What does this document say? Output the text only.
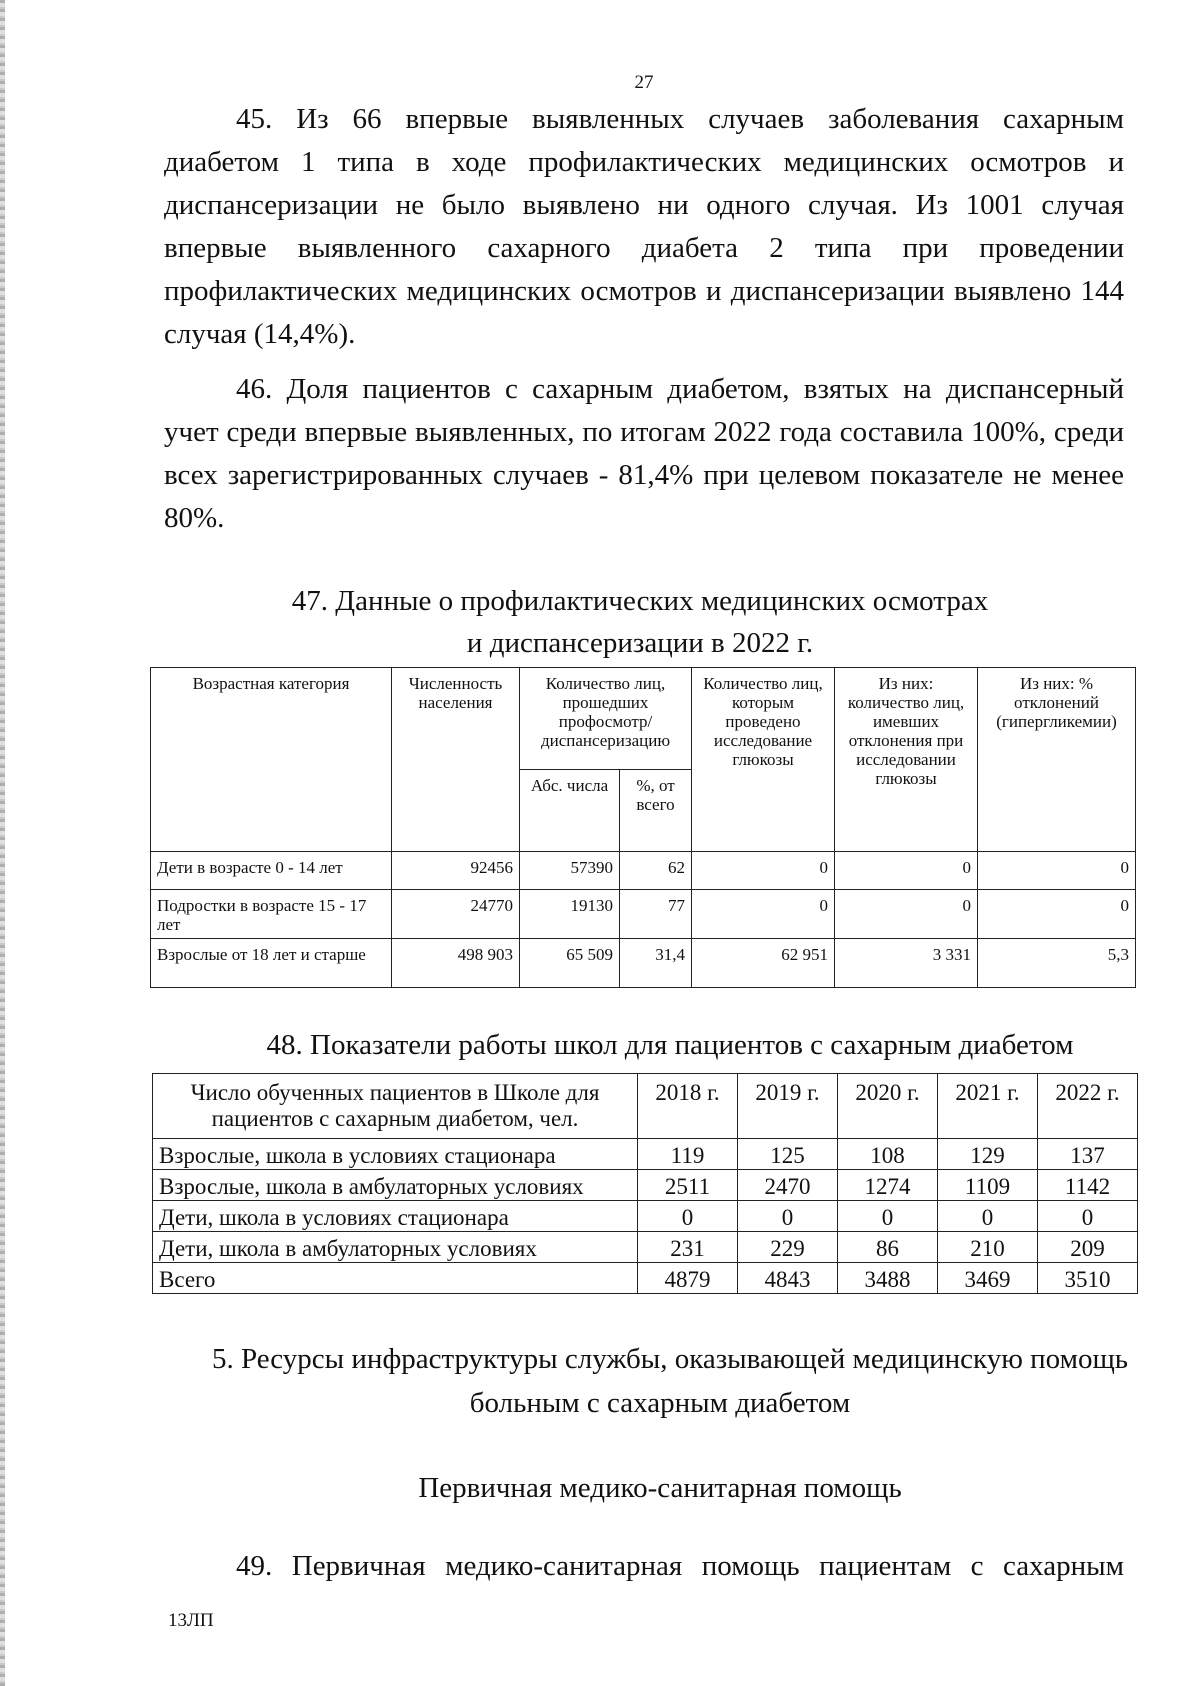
27

45. Из 66 впервые выявленных случаев заболевания сахарным диабетом 1 типа в ходе профилактических медицинских осмотров и диспансеризации не было выявлено ни одного случая. Из 1001 случая впервые выявленного сахарного диабета 2 типа при проведении профилактических медицинских осмотров и диспансеризации выявлено 144 случая (14,4%).

46. Доля пациентов с сахарным диабетом, взятых на диспансерный учет среди впервые выявленных, по итогам 2022 года составила 100%, среди всех зарегистрированных случаев - 81,4% при целевом показателе не менее 80%.

47. Данные о профилактических медицинских осмотрах
и диспансеризации в 2022 г.
Возрастная категория	Численность населения	Количество лиц, прошедших профосмотр/ диспансеризацию		Количество лиц, которым проведено исследование глюкозы	Из них: количество лиц, имевших отклонения при исследовании глюкозы	Из них: % отклонений (гипергликемии)
		Абс. числа	%, от всего			
Дети в возрасте 0 - 14 лет	92456	57390	62	0	0	0
Подростки в возрасте 15 - 17 лет	24770	19130	77	0	0	0
Взрослые от 18 лет и старше	498 903	65 509	31,4	62 951	3 331	5,3
48. Показатели работы школ для пациентов с сахарным диабетом
Число обученных пациентов в Школе для пациентов с сахарным диабетом, чел.	2018 г.	2019 г.	2020 г.	2021 г.	2022 г.
Взрослые, школа в условиях стационара	119	125	108	129	137
Взрослые, школа в амбулаторных условиях	2511	2470	1274	1109	1142
Дети, школа в условиях стационара	0	0	0	0	0
Дети, школа в амбулаторных условиях	231	229	86	210	209
Всего	4879	4843	3488	3469	3510
5. Ресурсы инфраструктуры службы, оказывающей медицинскую помощь
больным с сахарным диабетом
Первичная медико-санитарная помощь

49. Первичная медико-санитарная помощь пациентам с сахарным

13ЛП
